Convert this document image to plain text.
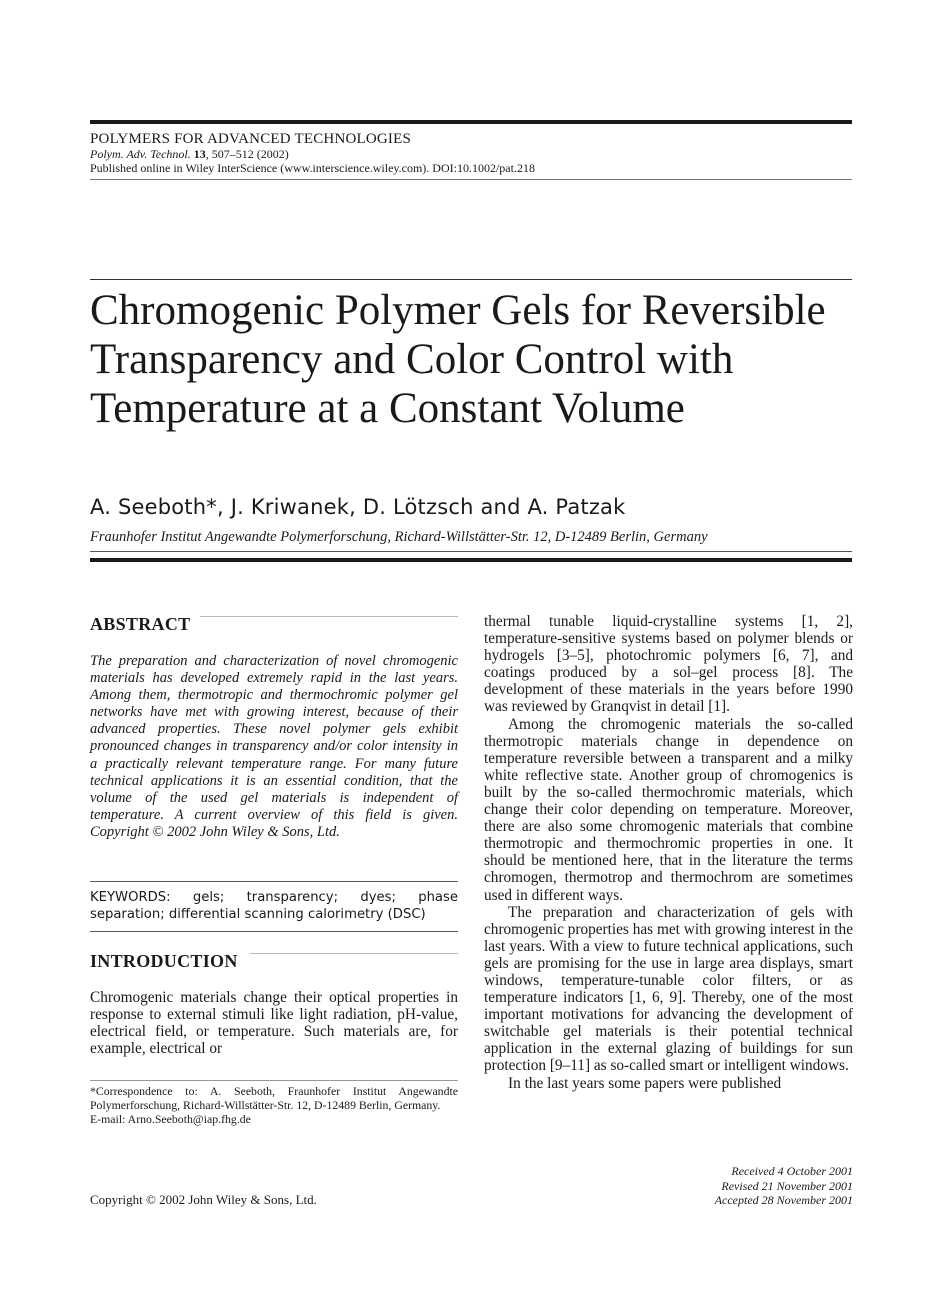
POLYMERS FOR ADVANCED TECHNOLOGIES
Polym. Adv. Technol. 13, 507–512 (2002)
Published online in Wiley InterScience (www.interscience.wiley.com). DOI:10.1002/pat.218
Chromogenic Polymer Gels for Reversible Transparency and Color Control with Temperature at a Constant Volume
A. Seeboth*, J. Kriwanek, D. Lötzsch and A. Patzak
Fraunhofer Institut Angewandte Polymerforschung, Richard-Willstätter-Str. 12, D-12489 Berlin, Germany
ABSTRACT
The preparation and characterization of novel chromogenic materials has developed extremely rapid in the last years. Among them, thermotropic and thermochromic polymer gel networks have met with growing interest, because of their advanced properties. These novel polymer gels exhibit pronounced changes in transparency and/or color intensity in a practically relevant temperature range. For many future technical applications it is an essential condition, that the volume of the used gel materials is independent of temperature. A current overview of this field is given. Copyright © 2002 John Wiley & Sons, Ltd.
KEYWORDS: gels; transparency; dyes; phase separation; differential scanning calorimetry (DSC)
INTRODUCTION
Chromogenic materials change their optical properties in response to external stimuli like light radiation, pH-value, electrical field, or temperature. Such materials are, for example, electrical or
*Correspondence to: A. Seeboth, Fraunhofer Institut Angewandte Polymerforschung, Richard-Willstätter-Str. 12, D-12489 Berlin, Germany.
E-mail: Arno.Seeboth@iap.fhg.de

thermal tunable liquid-crystalline systems [1, 2], temperature-sensitive systems based on polymer blends or hydrogels [3–5], photochromic polymers [6, 7], and coatings produced by a sol–gel process [8]. The development of these materials in the years before 1990 was reviewed by Granqvist in detail [1].

Among the chromogenic materials the so-called thermotropic materials change in dependence on temperature reversible between a transparent and a milky white reflective state. Another group of chromogenics is built by the so-called thermochromic materials, which change their color depending on temperature. Moreover, there are also some chromogenic materials that combine thermotropic and thermochromic properties in one. It should be mentioned here, that in the literature the terms chromogen, thermotrop and thermochrom are sometimes used in different ways.

The preparation and characterization of gels with chromogenic properties has met with growing interest in the last years. With a view to future technical applications, such gels are promising for the use in large area displays, smart windows, temperature-tunable color filters, or as temperature indicators [1, 6, 9]. Thereby, one of the most important motivations for advancing the development of switchable gel materials is their potential technical application in the external glazing of buildings for sun protection [9–11] as so-called smart or intelligent windows.

In the last years some papers were published

Received 4 October 2001
Revised 21 November 2001
Accepted 28 November 2001
Copyright © 2002 John Wiley & Sons, Ltd.
